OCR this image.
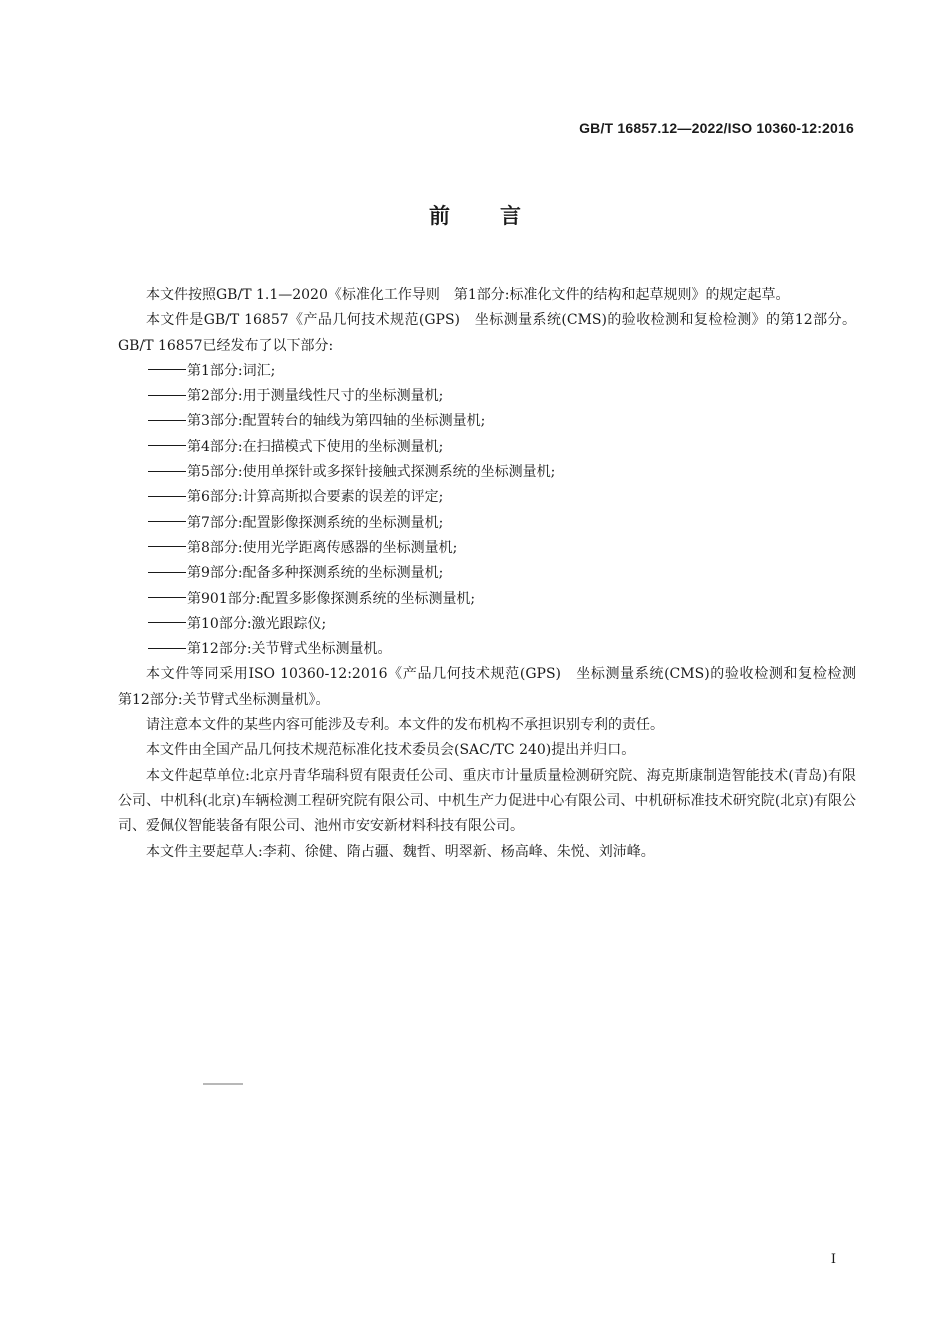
GB/T 16857.12—2022/ISO 10360-12:2016
前言

本文件按照GB/T 1.1—2020《标准化工作导则　第1部分:标准化文件的结构和起草规则》的规定起草。

本文件是GB/T 16857《产品几何技术规范(GPS)　坐标测量系统(CMS)的验收检测和复检检测》的第12部分。GB/T 16857已经发布了以下部分:

第1部分:词汇;
第2部分:用于测量线性尺寸的坐标测量机;
第3部分:配置转台的轴线为第四轴的坐标测量机;
第4部分:在扫描模式下使用的坐标测量机;
第5部分:使用单探针或多探针接触式探测系统的坐标测量机;
第6部分:计算高斯拟合要素的误差的评定;
第7部分:配置影像探测系统的坐标测量机;
第8部分:使用光学距离传感器的坐标测量机;
第9部分:配备多种探测系统的坐标测量机;
第901部分:配置多影像探测系统的坐标测量机;
第10部分:激光跟踪仪;
第12部分:关节臂式坐标测量机。

本文件等同采用ISO 10360-12:2016《产品几何技术规范(GPS)　坐标测量系统(CMS)的验收检测和复检检测　第12部分:关节臂式坐标测量机》。

请注意本文件的某些内容可能涉及专利。本文件的发布机构不承担识别专利的责任。

本文件由全国产品几何技术规范标准化技术委员会(SAC/TC 240)提出并归口。

本文件起草单位:北京丹青华瑞科贸有限责任公司、重庆市计量质量检测研究院、海克斯康制造智能技术(青岛)有限公司、中机科(北京)车辆检测工程研究院有限公司、中机生产力促进中心有限公司、中机研标准技术研究院(北京)有限公司、爱佩仪智能装备有限公司、池州市安安新材料科技有限公司。

本文件主要起草人:李莉、徐健、隋占疆、魏哲、明翠新、杨高峰、朱悦、刘沛峰。

I
